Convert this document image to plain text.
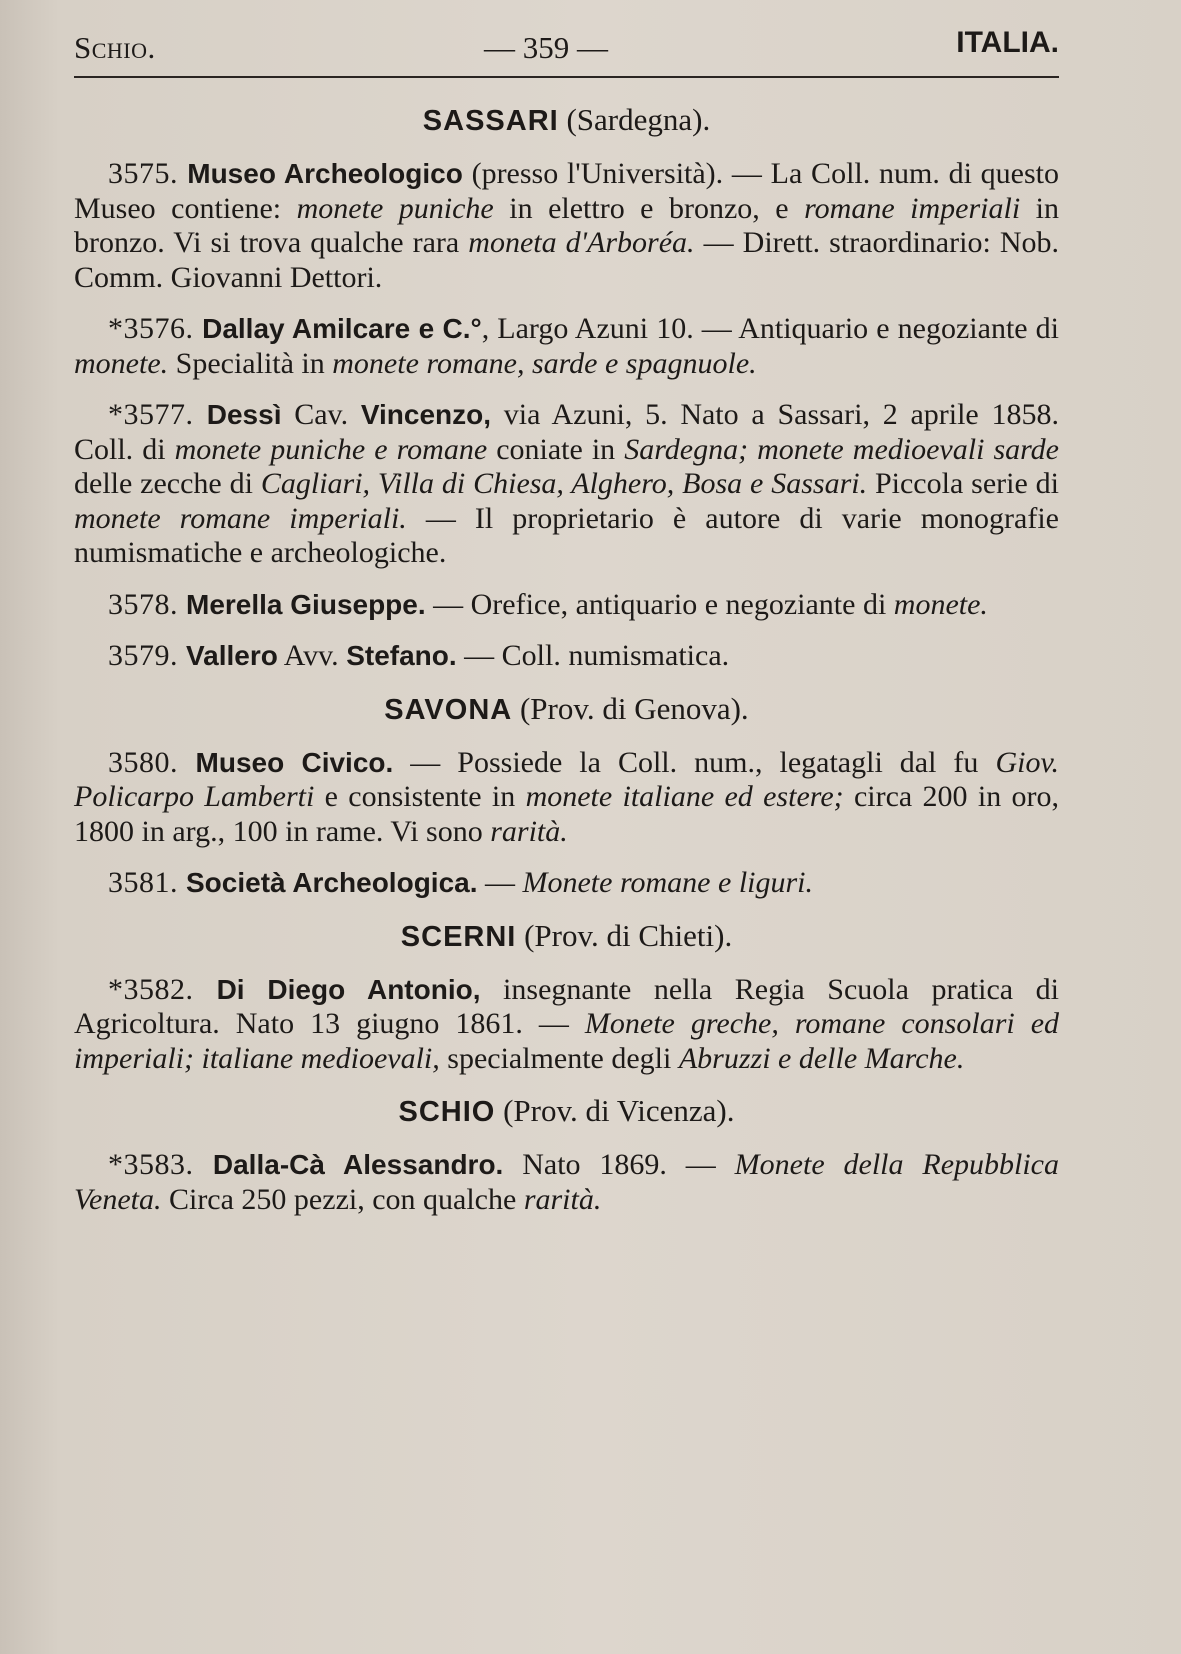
Schio.	— 359 —	ITALIA.
SASSARI (Sardegna).

3575. Museo Archeologico (presso l'Università). — La Coll. num. di questo Museo contiene: monete puniche in elettro e bronzo, e romane imperiali in bronzo. Vi si trova qualche rara moneta d'Arboréa. — Dirett. straordinario: Nob. Comm. Giovanni Dettori.

*3576. Dallay Amilcare e C.°, Largo Azuni 10. — Antiquario e negoziante di monete. Specialità in monete romane, sarde e spagnuole.

*3577. Dessì Cav. Vincenzo, via Azuni, 5. Nato a Sassari, 2 aprile 1858. Coll. di monete puniche e romane coniate in Sardegna; monete medioevali sarde delle zecche di Cagliari, Villa di Chiesa, Alghero, Bosa e Sassari. Piccola serie di monete romane imperiali. — Il proprietario è autore di varie monografie numismatiche e archeologiche.

3578. Merella Giuseppe. — Orefice, antiquario e negoziante di monete.

3579. Vallero Avv. Stefano. — Coll. numismatica.

SAVONA (Prov. di Genova).

3580. Museo Civico. — Possiede la Coll. num., legatagli dal fu Giov. Policarpo Lamberti e consistente in monete italiane ed estere; circa 200 in oro, 1800 in arg., 100 in rame. Vi sono rarità.

3581. Società Archeologica. — Monete romane e liguri.

SCERNI (Prov. di Chieti).

*3582. Di Diego Antonio, insegnante nella Regia Scuola pratica di Agricoltura. Nato 13 giugno 1861. — Monete greche, romane consolari ed imperiali; italiane medioevali, specialmente degli Abruzzi e delle Marche.

SCHIO (Prov. di Vicenza).

*3583. Dalla-Cà Alessandro. Nato 1869. — Monete della Repubblica Veneta. Circa 250 pezzi, con qualche rarità.
